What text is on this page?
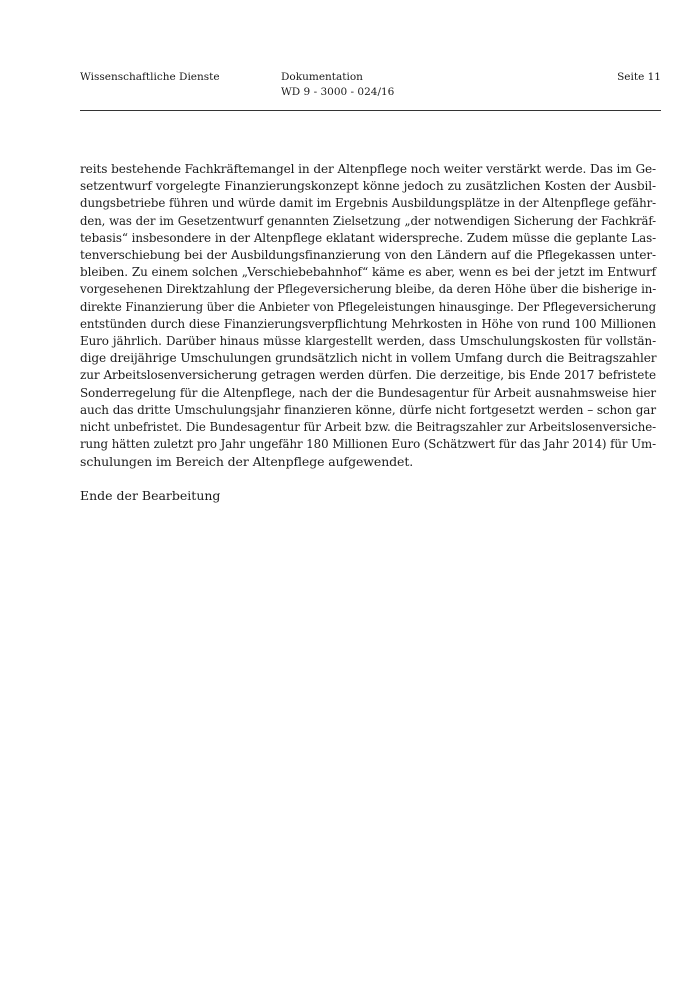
Wissenschaftliche Dienste	Dokumentation
WD 9 - 3000 - 024/16
Seite 11
reits bestehende Fachkräftemangel in der Altenpflege noch weiter verstärkt werde. Das im Ge-
setzentwurf vorgelegte Finanzierungskonzept könne jedoch zu zusätzlichen Kosten der Ausbil-
dungsbetriebe führen und würde damit im Ergebnis Ausbildungsplätze in der Altenpflege gefähr-
den, was der im Gesetzentwurf genannten Zielsetzung „der notwendigen Sicherung der Fachkräf-
tebasis“ insbesondere in der Altenpflege eklatant widerspreche. Zudem müsse die geplante Las-
tenverschiebung bei der Ausbildungsfinanzierung von den Ländern auf die Pflegekassen unter-
bleiben. Zu einem solchen „Verschiebebahnhof“ käme es aber, wenn es bei der jetzt im Entwurf
vorgesehenen Direktzahlung der Pflegeversicherung bleibe, da deren Höhe über die bisherige in-
direkte Finanzierung über die Anbieter von Pflegeleistungen hinausginge. Der Pflegeversicherung
entstünden durch diese Finanzierungsverpflichtung Mehrkosten in Höhe von rund 100 Millionen
Euro jährlich. Darüber hinaus müsse klargestellt werden, dass Umschulungskosten für vollstän-
dige dreijährige Umschulungen grundsätzlich nicht in vollem Umfang durch die Beitragszahler
zur Arbeitslosenversicherung getragen werden dürfen. Die derzeitige, bis Ende 2017 befristete
Sonderregelung für die Altenpflege, nach der die Bundesagentur für Arbeit ausnahmsweise hier
auch das dritte Umschulungsjahr finanzieren könne, dürfe nicht fortgesetzt werden – schon gar
nicht unbefristet. Die Bundesagentur für Arbeit bzw. die Beitragszahler zur Arbeitslosenversiche-
rung hätten zuletzt pro Jahr ungefähr 180 Millionen Euro (Schätzwert für das Jahr 2014) für Um-
schulungen im Bereich der Altenpflege aufgewendet.
Ende der Bearbeitung
